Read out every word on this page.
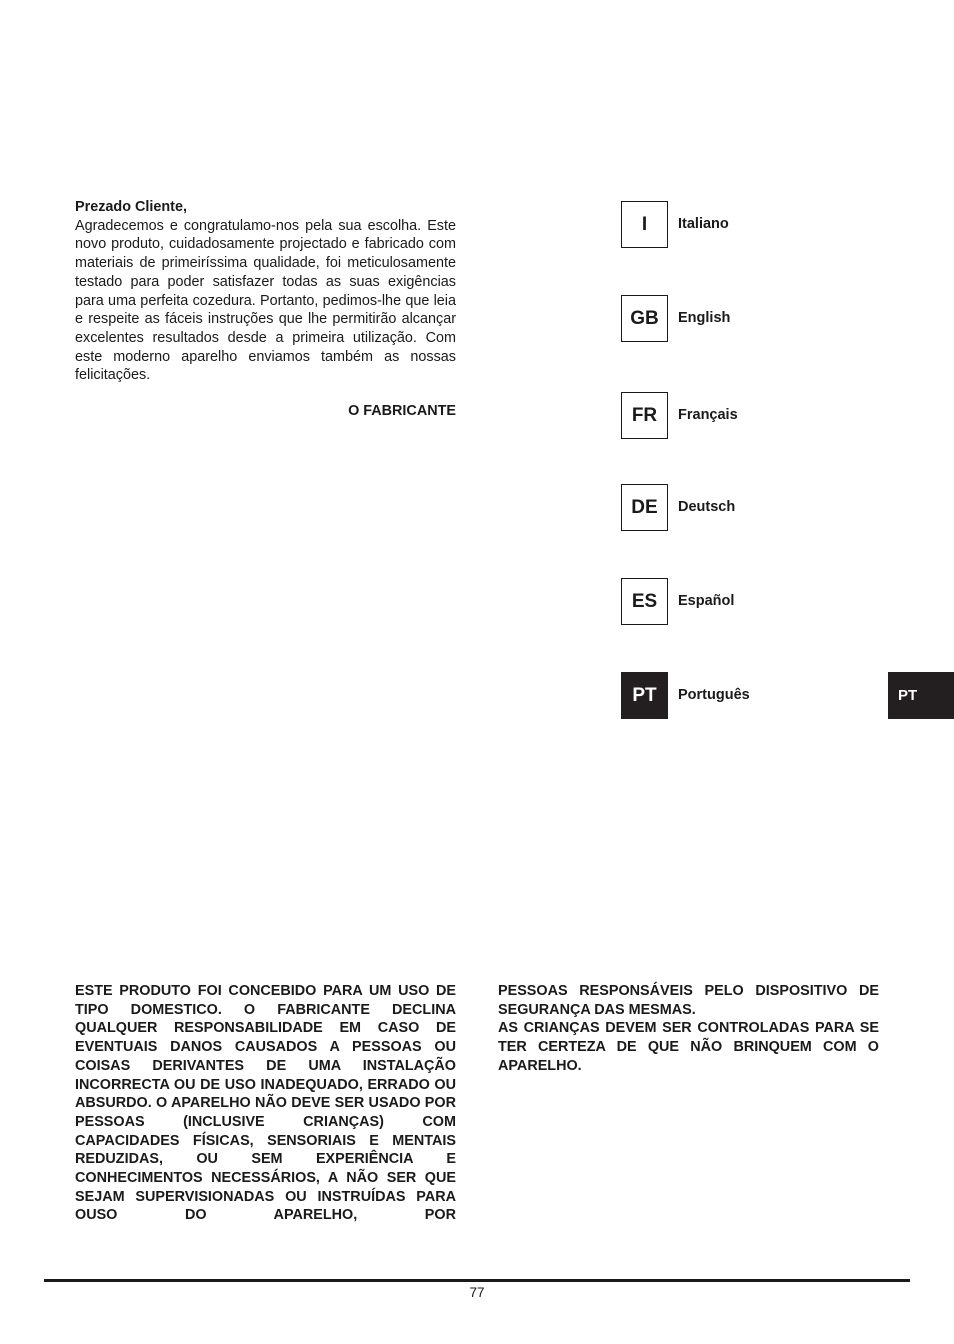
Prezado Cliente,
Agradecemos e congratulamo-nos pela sua escolha. Este novo produto, cuidadosamente projectado e fabricado com materiais de primeiríssima qualidade, foi meticulosamente testado para poder satisfazer todas as suas exigências para uma perfeita cozedura. Portanto, pedimos-lhe que leia e respeite as fáceis instruções que lhe permitirão alcançar excelentes resultados desde a primeira utilização. Com este moderno aparelho enviamos também as nossas felicitações.
O FABRICANTE
I	Italiano
GB	English
FR	Français
DE	Deutsch
ES	Español
PT	Português	PT
ESTE PRODUTO FOI CONCEBIDO PARA UM USO DE TIPO DOMESTICO. O FABRICANTE DECLINA QUALQUER RESPONSABILIDADE EM CASO DE EVENTUAIS DANOS CAUSADOS A PESSOAS OU COISAS DERIVANTES DE UMA INSTALAÇÃO INCORRECTA OU DE USO INADEQUADO, ERRADO OU ABSURDO. O APARELHO NÃO DEVE SER USADO POR PESSOAS (INCLUSIVE CRIANÇAS) COM CAPACIDADES FÍSICAS, SENSORIAIS E MENTAIS REDUZIDAS, OU SEM EXPERIÊNCIA E CONHECIMENTOS NECESSÁRIOS, A NÃO SER QUE SEJAM SUPERVISIONADAS OU INSTRUÍDAS PARA OUSO DO APARELHO, POR

PESSOAS RESPONSÁVEIS PELO DISPOSITIVO DE SEGURANÇA DAS MESMAS.

AS CRIANÇAS DEVEM SER CONTROLADAS PARA SE TER CERTEZA DE QUE NÃO BRINQUEM COM O APARELHO.

77
